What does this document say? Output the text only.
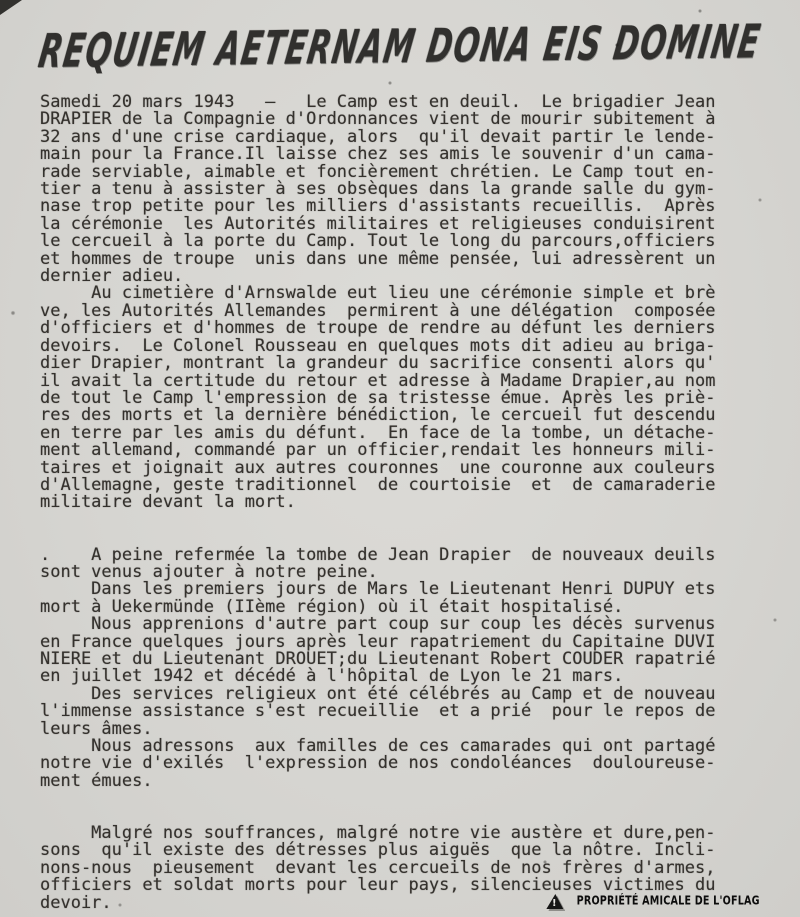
REQUIEM AETERNAM DONA EIS DOMINE
Samedi 20 mars 1943   —   Le Camp est en deuil.  Le brigadier Jean
DRAPIER de la Compagnie d'Ordonnances vient de mourir subitement à
32 ans d'une crise cardiaque, alors  qu'il devait partir le lende-
main pour la France.Il laisse chez ses amis le souvenir d'un cama-
rade serviable, aimable et foncièrement chrétien. Le Camp tout en-
tier a tenu à assister à ses obsèques dans la grande salle du gym-
nase trop petite pour les milliers d'assistants recueillis.  Après
la cérémonie  les Autorités militaires et religieuses conduisirent
le cercueil à la porte du Camp. Tout le long du parcours,officiers
et hommes de troupe  unis dans une même pensée, lui adressèrent un
dernier adieu.
Au cimetière d'Arnswalde eut lieu une cérémonie simple et brè
ve, les Autorités Allemandes  permirent à une délégation  composée
d'officiers et d'hommes de troupe de rendre au défunt les derniers
devoirs.  Le Colonel Rousseau en quelques mots dit adieu au briga-
dier Drapier, montrant la grandeur du sacrifice consenti alors qu'
il avait la certitude du retour et adresse à Madame Drapier,au nom
de tout le Camp l'empression de sa tristesse émue. Après les priè-
res des morts et la dernière bénédiction, le cercueil fut descendu
en terre par les amis du défunt.  En face de la tombe, un détache-
ment allemand, commandé par un officier,rendait les honneurs mili-
taires et joignait aux autres couronnes  une couronne aux couleurs
d'Allemagne, geste traditionnel  de courtoisie  et  de camaraderie
militaire devant la mort.

.    A peine refermée la tombe de Jean Drapier  de nouveaux deuils
sont venus ajouter à notre peine.
Dans les premiers jours de Mars le Lieutenant Henri DUPUY ets
mort à Uekermünde (IIème région) où il était hospitalisé.
Nous apprenions d'autre part coup sur coup les décès survenus
en France quelques jours après leur rapatriement du Capitaine DUVI
NIERE et du Lieutenant DROUET;du Lieutenant Robert COUDER rapatrié
en juillet 1942 et décédé à l'hôpital de Lyon le 21 mars.
Des services religieux ont été célébrés au Camp et de nouveau
l'immense assistance s'est recueillie  et a prié  pour le repos de
leurs âmes.
Nous adressons  aux familles de ces camarades qui ont partagé
notre vie d'exilés  l'expression de nos condoléances  douloureuse-
ment émues.

Malgré nos souffrances, malgré notre vie austère et dure,pen-
sons  qu'il existe des détresses plus aiguës  que la nôtre. Incli-
nons-nous  pieusement  devant les cercueils de nos frères d'armes,
officiers et soldat morts pour leur pays, silencieuses victimes du
devoir.	!	PROPRIÉTÉ AMICALE DE L'OFLAG
